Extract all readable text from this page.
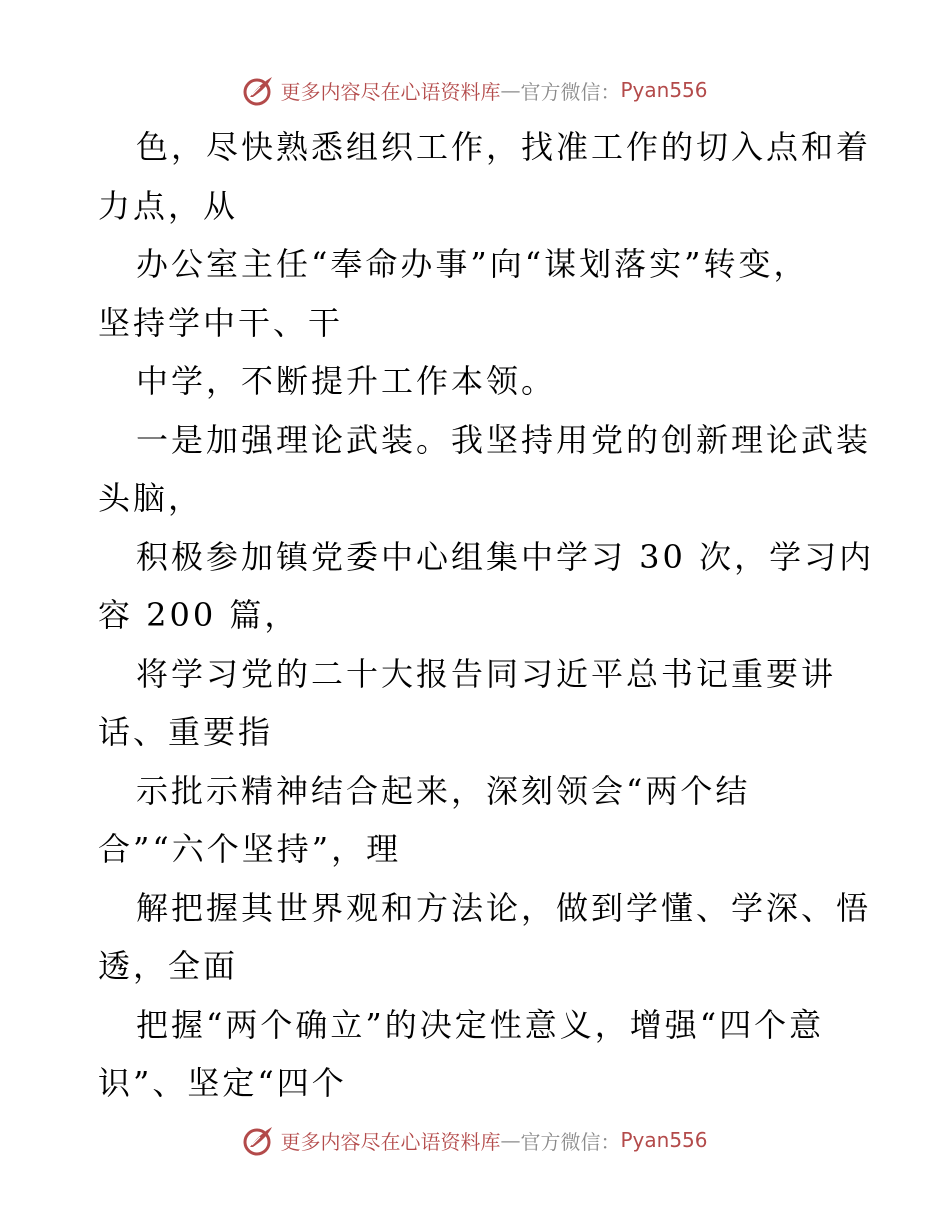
更多内容尽在心语资料库 — 官方微信： Pyan556
色，尽快熟悉组织工作，找准工作的切入点和着
力点，从
办公室主任“奉命办事”向“谋划落实”转变，
坚持学中干、干
中学，不断提升工作本领。
一是加强理论武装。我坚持用党的创新理论武装
头脑，
积极参加镇党委中心组集中学习 30 次，学习内
容 200 篇，
将学习党的二十大报告同习近平总书记重要讲
话、重要指
示批示精神结合起来，深刻领会“两个结
合”“六个坚持”，理
解把握其世界观和方法论，做到学懂、学深、悟
透，全面
把握“两个确立”的决定性意义，增强“四个意
识”、坚定“四个
更多内容尽在心语资料库 — 官方微信： Pyan556
